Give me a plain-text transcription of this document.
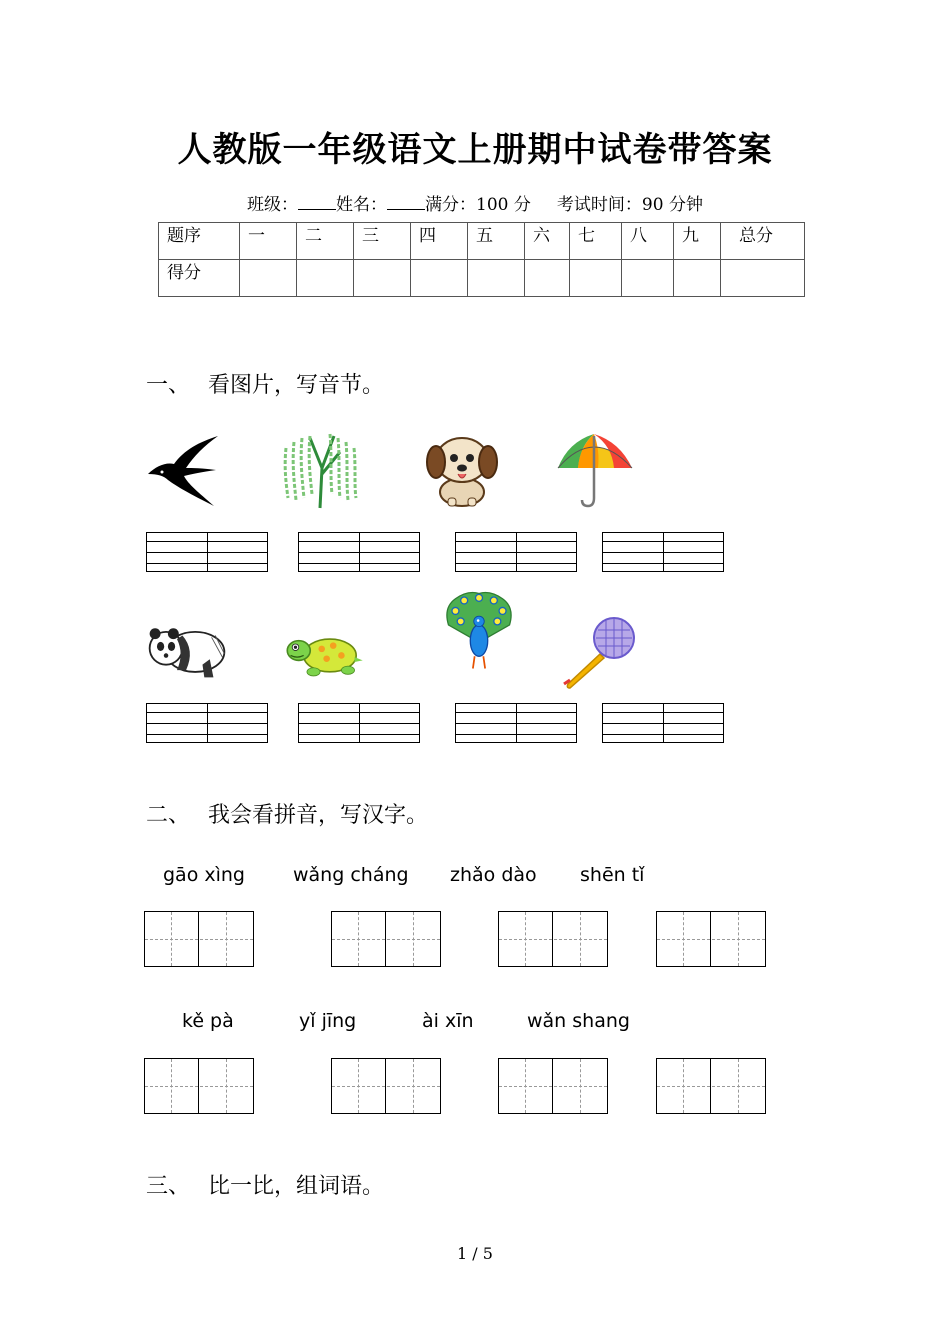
人教版一年级语文上册期中试卷带答案
班级： 姓名： 满分：100 分 考试时间：90 分钟
题序	一	二	三	四	五	六	七	八	九	总分
得分										
一、 看图片，写音节。
二、 我会看拼音，写汉字。
gāo xìng	wǎng cháng zhǎo dào shēn tǐ
kě pà	yǐ jīng	ài xīn	wǎn shang
三、 比一比，组词语。
1 / 5
